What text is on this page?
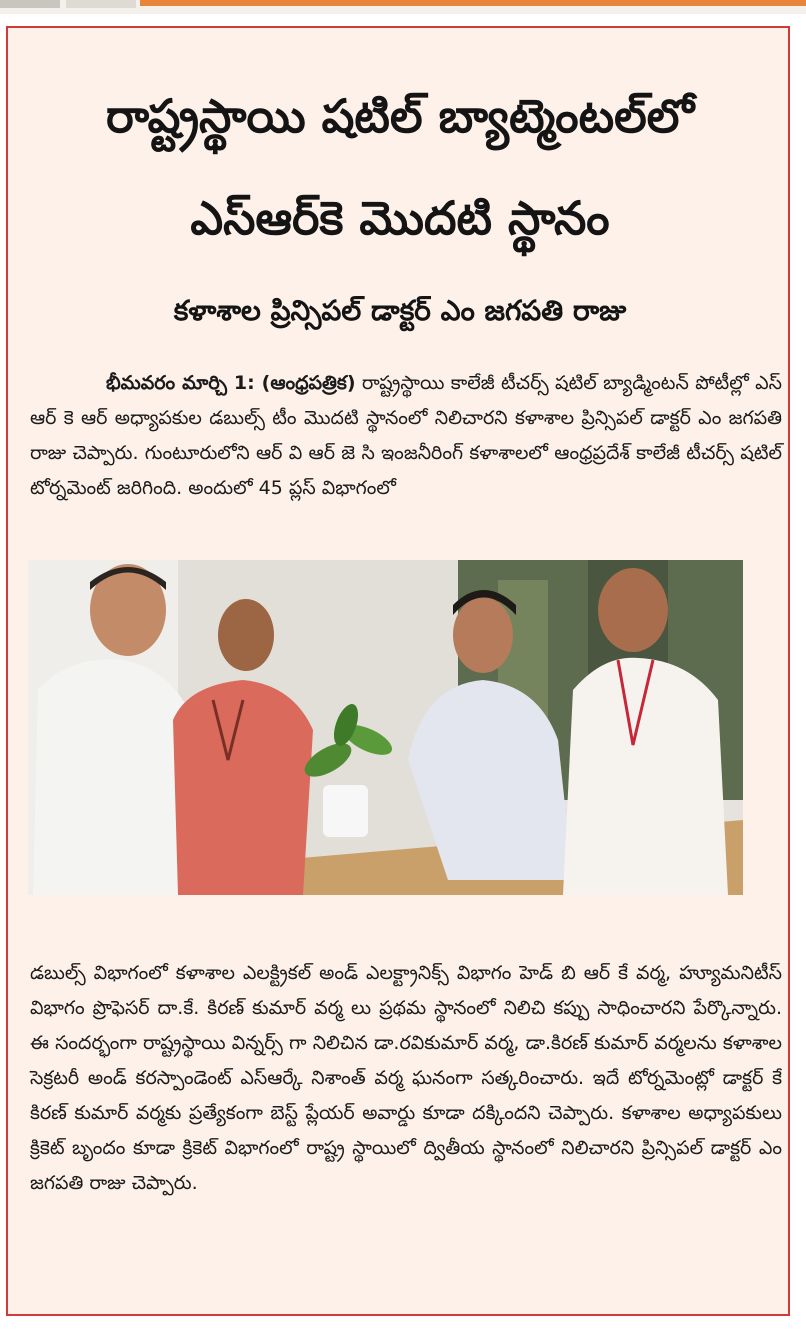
రాష్ట్రస్థాయి షటిల్ బ్యాట్మెంటల్‌లో
ఎస్ఆర్‌కె మొదటి స్థానం
కళాశాల ప్రిన్సిపల్ డాక్టర్ ఎం జగపతి రాజు
భీమవరం మార్చి 1: (ఆంధ్రపత్రిక) రాష్ట్రస్థాయి కాలేజీ టీచర్స్ షటిల్ బ్యాడ్మింటన్ పోటీల్లో ఎస్ ఆర్ కె ఆర్ అధ్యాపకుల డబుల్స్ టీం మొదటి స్థానంలో నిలిచారని కళాశాల ప్రిన్సిపల్ డాక్టర్ ఎం జగపతి రాజు చెప్పారు. గుంటూరులోని ఆర్ వి ఆర్ జె సి ఇంజనీరింగ్ కళాశాలలో ఆంధ్రప్రదేశ్ కాలేజీ టీచర్స్ షటిల్ టోర్నమెంట్ జరిగింది. అందులో 45 ప్లస్ విభాగంలో
డబుల్స్ విభాగంలో కళాశాల ఎలక్ట్రికల్ అండ్ ఎలక్ట్రానిక్స్ విభాగం హెడ్ బి ఆర్ కే వర్మ, హ్యూమనిటీస్ విభాగం ప్రొఫెసర్ దా.కే. కిరణ్ కుమార్ వర్మ లు ప్రథమ స్థానంలో నిలిచి కప్పు సాధించారని పేర్కొన్నారు. ఈ సందర్భంగా రాష్ట్రస్థాయి విన్నర్స్ గా నిలిచిన డా.రవికుమార్ వర్మ, డా.కిరణ్ కుమార్ వర్మలను కళాశాల సెక్రటరీ అండ్ కరస్పాండెంట్ ఎస్ఆర్కే నిశాంత్ వర్మ ఘనంగా సత్కరించారు. ఇదే టోర్నమెంట్లో డాక్టర్ కే కిరణ్ కుమార్ వర్మకు ప్రత్యేకంగా బెస్ట్ ప్లేయర్ అవార్డు కూడా దక్కిందని చెప్పారు. కళాశాల అధ్యాపకులు క్రికెట్ బృందం కూడా క్రికెట్ విభాగంలో రాష్ట్ర స్థాయిలో ద్వితీయ స్థానంలో నిలిచారని ప్రిన్సిపల్ డాక్టర్ ఎం జగపతి రాజు చెప్పారు.
